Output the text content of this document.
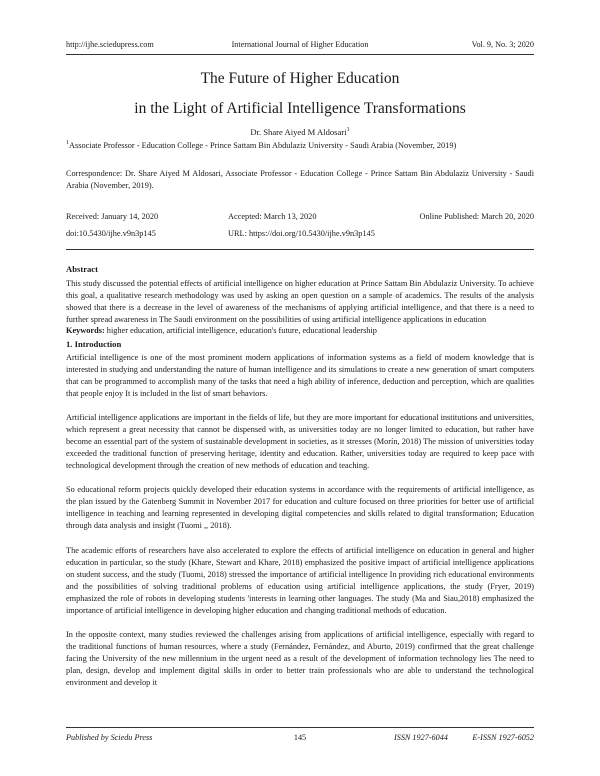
http://ijhe.sciedupress.com	International Journal of Higher Education	Vol. 9, No. 3; 2020
The Future of Higher Education
in the Light of Artificial Intelligence Transformations
Dr. Share Aiyed M Aldosari$^1$
$^1$Associate Professor - Education College - Prince Sattam Bin Abdulaziz University - Saudi Arabia (November, 2019)
Correspondence: Dr. Share Aiyed M Aldosari, Associate Professor - Education College - Prince Sattam Bin Abdulaziz University - Saudi Arabia (November, 2019).
Received: January 14, 2020	Accepted: March 13, 2020	Online Published: March 20, 2020
doi:10.5430/ijhe.v9n3p145	URL: https://doi.org/10.5430/ijhe.v9n3p145
Abstract
This study discussed the potential effects of artificial intelligence on higher education at Prince Sattam Bin Abdulaziz University. To achieve this goal, a qualitative research methodology was used by asking an open question on a sample of academics. The results of the analysis showed that there is a decrease in the level of awareness of the mechanisms of applying artificial intelligence, and that there is a need to further spread awareness in The Saudi environment on the possibilities of using artificial intelligence applications in education
Keywords: higher education, artificial intelligence, education's future, educational leadership
1. Introduction
Artificial intelligence is one of the most prominent modern applications of information systems as a field of modern knowledge that is interested in studying and understanding the nature of human intelligence and its simulations to create a new generation of smart computers that can be programmed to accomplish many of the tasks that need a high ability of inference, deduction and perception, which are qualities that people enjoy It is included in the list of smart behaviors.
Artificial intelligence applications are important in the fields of life, but they are more important for educational institutions and universities, which represent a great necessity that cannot be dispensed with, as universities today are no longer limited to education, but rather have become an essential part of the system of sustainable development in societies, as it stresses (Morín, 2018) The mission of universities today exceeded the traditional function of preserving heritage, identity and education. Rather, universities today are required to keep pace with technological development through the creation of new methods of education and teaching.
So educational reform projects quickly developed their education systems in accordance with the requirements of artificial intelligence, as the plan issued by the Gatenberg Summit in November 2017 for education and culture focused on three priorities for better use of artificial intelligence in teaching and learning represented in developing digital competencies and skills related to digital transformation; Education through data analysis and insight (Tuomi ,, 2018).
The academic efforts of researchers have also accelerated to explore the effects of artificial intelligence on education in general and higher education in particular, so the study (Khare, Stewart and Khare, 2018) emphasized the positive impact of artificial intelligence applications on student success, and the study (Tuomi, 2018) stressed the importance of artificial intelligence In providing rich educational environments and the possibilities of solving traditional problems of education using artificial intelligence applications, the study (Fryer, 2019) emphasized the role of robots in developing students 'interests in learning other languages. The study (Ma and Siau,2018) emphasized the importance of artificial intelligence in developing higher education and changing traditional methods of education.
In the opposite context, many studies reviewed the challenges arising from applications of artificial intelligence, especially with regard to the traditional functions of human resources, where a study (Fernández, Fernández, and Aburto, 2019) confirmed that the great challenge facing the University of the new millennium in the urgent need as a result of the development of information technology lies The need to plan, design, develop and implement digital skills in order to better train professionals who are able to understand the technological environment and develop it
Published by Sciedu Press	145	ISSN 1927-6044	E-ISSN 1927-6052
